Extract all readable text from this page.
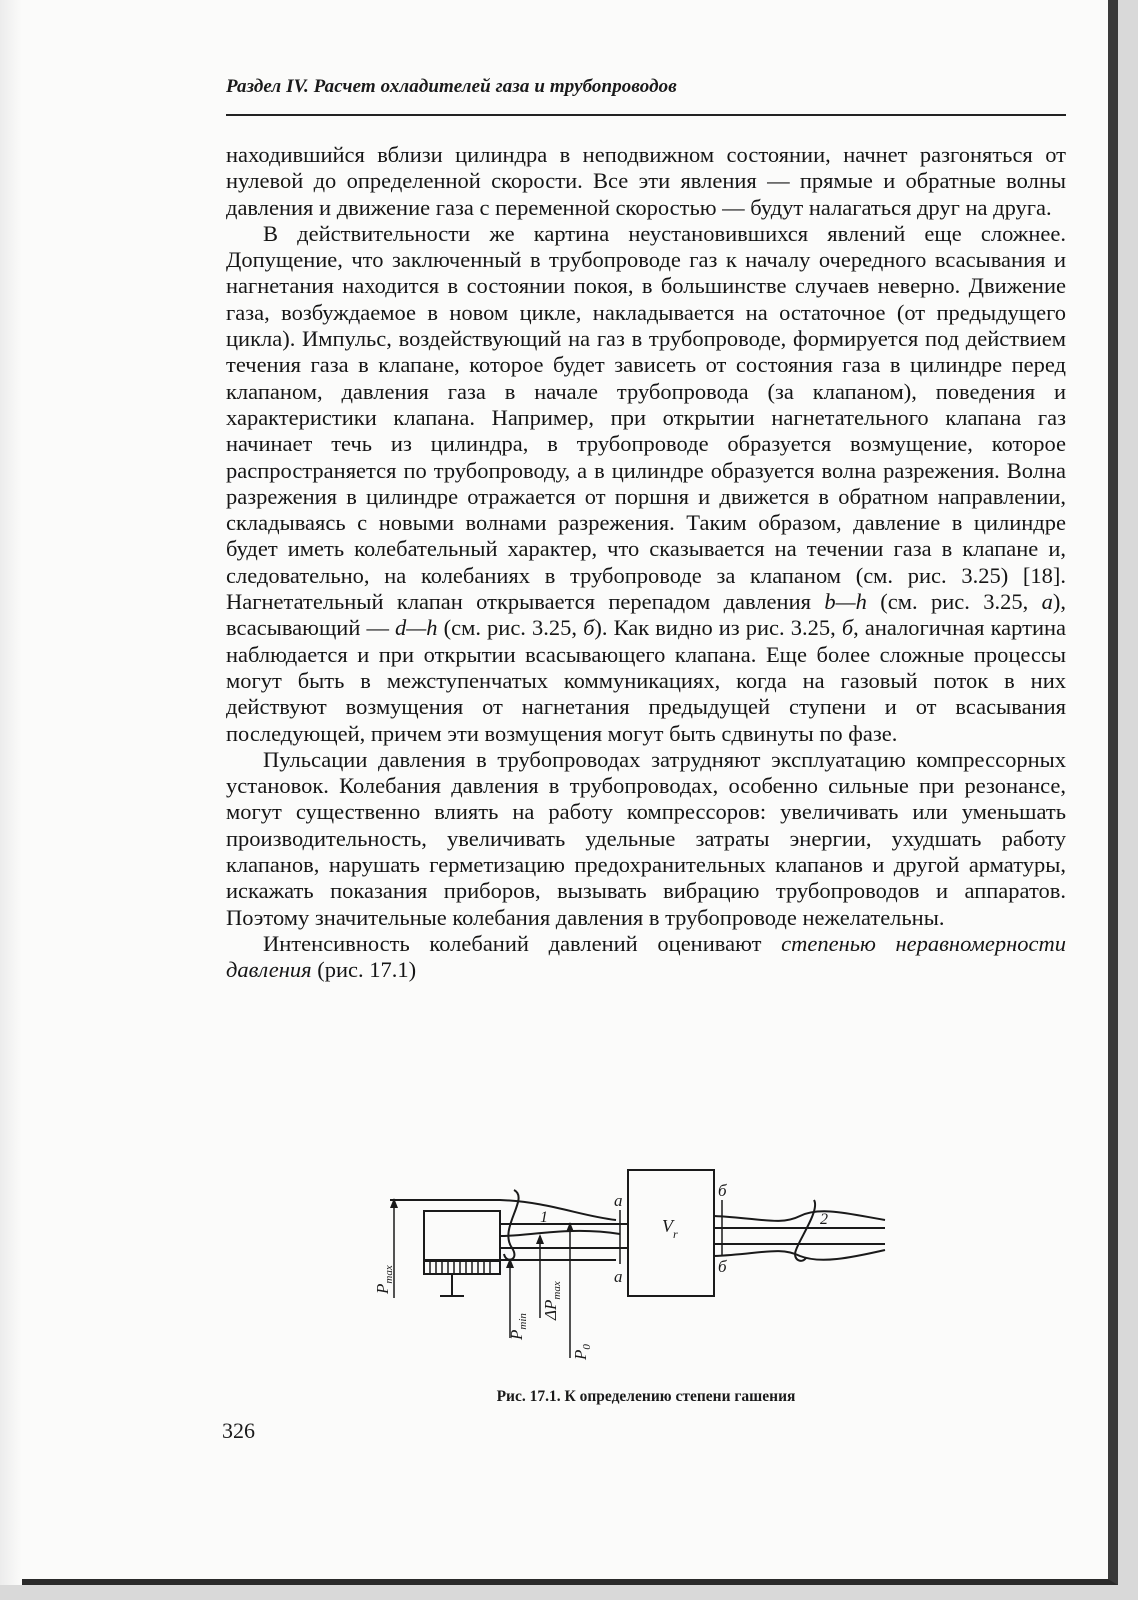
Раздел IV. Расчет охладителей газа и трубопроводов

находившийся вблизи цилиндра в неподвижном состоянии, начнет разгоняться от нулевой до определенной скорости. Все эти явления — прямые и обратные волны давления и движение газа с переменной скоростью — будут налагаться друг на друга.

В действительности же картина неустановившихся явлений еще сложнее. Допущение, что заключенный в трубопроводе газ к началу очередного всасывания и нагнетания находится в состоянии покоя, в большинстве случаев неверно. Движение газа, возбуждаемое в новом цикле, накладывается на остаточное (от предыдущего цикла). Импульс, воздействующий на газ в трубопроводе, формируется под действием течения газа в клапане, которое будет зависеть от состояния газа в цилиндре перед клапаном, давления газа в начале трубопровода (за клапаном), поведения и характеристики клапана. Например, при открытии нагнетательного клапана газ начинает течь из цилиндра, в трубопроводе образуется возмущение, которое распространяется по трубопроводу, а в цилиндре образуется волна разрежения. Волна разрежения в цилиндре отражается от поршня и движется в обратном направлении, складываясь с новыми волнами разрежения. Таким образом, давление в цилиндре будет иметь колебательный характер, что сказывается на течении газа в клапане и, следовательно, на колебаниях в трубопроводе за клапаном (см. рис. 3.25) [18]. Нагнетательный клапан открывается перепадом давления b—h (см. рис. 3.25, а), всасывающий — d—h (см. рис. 3.25, б). Как видно из рис. 3.25, б, аналогичная картина наблюдается и при открытии всасывающего клапана. Еще более сложные процессы могут быть в межступенчатых коммуникациях, когда на газовый поток в них действуют возмущения от нагнетания предыдущей ступени и от всасывания последующей, причем эти возмущения могут быть сдвинуты по фазе.

Пульсации давления в трубопроводах затрудняют эксплуатацию компрессорных установок. Колебания давления в трубопроводах, особенно сильные при резонансе, могут существенно влиять на работу компрессоров: увеличивать или уменьшать производительность, увеличивать удельные затраты энергии, ухудшать работу клапанов, нарушать герметизацию предохранительных клапанов и другой арматуры, искажать показания приборов, вызывать вибрацию трубопроводов и аппаратов. Поэтому значительные колебания давления в трубопроводе нежелательны.

Интенсивность колебаний давлений оценивают степенью неравномерности давления (рис. 17.1)

а
а
б
б
$V_r$
1	2
$P_{max}$
$P_{min}$
$\Delta P_{max}$
$P_0$
Рис. 17.1. К определению степени гашения
326
